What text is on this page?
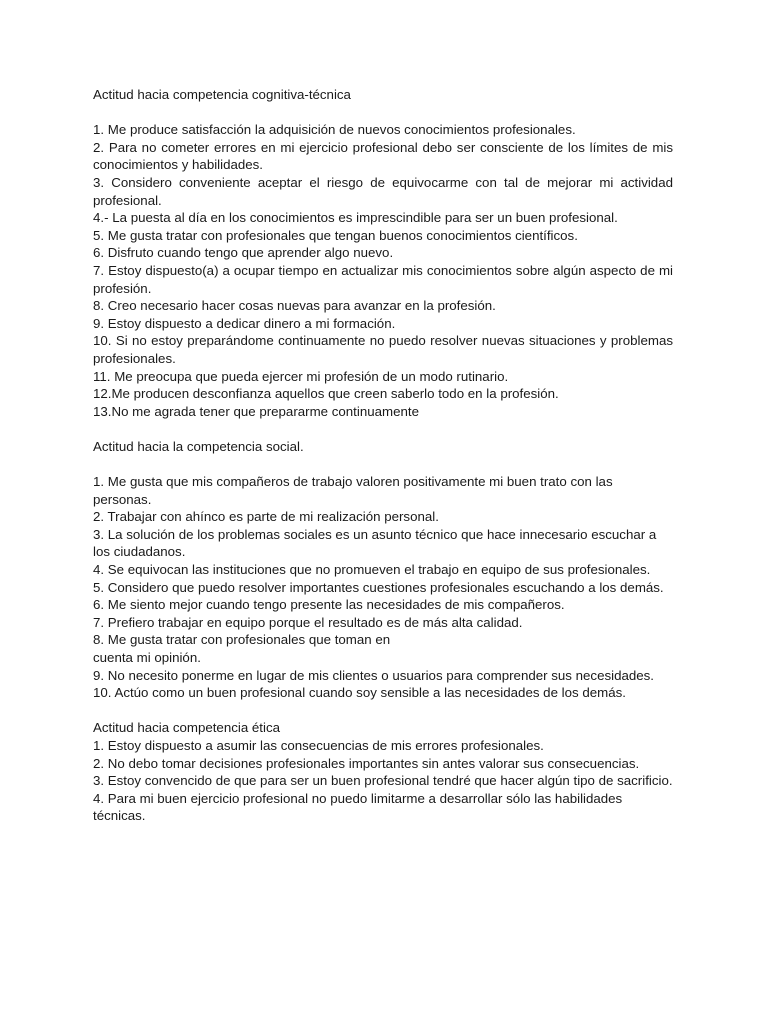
Actitud hacia competencia cognitiva-técnica

1. Me produce satisfacción la adquisición de nuevos conocimientos profesionales.

2. Para no cometer errores en mi ejercicio profesional debo ser consciente de los límites de mis conocimientos y habilidades.

3. Considero conveniente aceptar el riesgo de equivocarme con tal de mejorar mi actividad profesional.

4.- La puesta al día en los conocimientos es imprescindible para ser un buen profesional.

5. Me gusta tratar con profesionales que tengan buenos conocimientos científicos.

6. Disfruto cuando tengo que aprender algo nuevo.

7. Estoy dispuesto(a) a ocupar tiempo en actualizar mis conocimientos sobre algún aspecto de mi profesión.

8. Creo necesario hacer cosas nuevas para avanzar en la profesión.

9. Estoy dispuesto a dedicar dinero a mi formación.

10. Si no estoy preparándome continuamente no puedo resolver nuevas situaciones y problemas profesionales.

11. Me preocupa que pueda ejercer mi profesión de un modo rutinario.

12.Me producen desconfianza aquellos que creen saberlo todo en la profesión.

13.No me agrada tener que prepararme continuamente

Actitud hacia la competencia social.

1. Me gusta que mis compañeros de trabajo valoren positivamente mi buen trato con las personas.

2. Trabajar con ahínco es parte de mi realización personal.

3. La solución de los problemas sociales es un asunto técnico que hace innecesario escuchar a los ciudadanos.

4. Se equivocan las instituciones que no promueven el trabajo en equipo de sus profesionales.

5. Considero que puedo resolver importantes cuestiones profesionales escuchando a los demás.

6. Me siento mejor cuando tengo presente las necesidades de mis compañeros.

7. Prefiero trabajar en equipo porque el resultado es de más alta calidad.

8. Me gusta tratar con profesionales que toman en

cuenta mi opinión.

9. No necesito ponerme en lugar de mis clientes o usuarios para comprender sus necesidades.

10. Actúo como un buen profesional cuando soy sensible a las necesidades de los demás.

Actitud hacia competencia ética

1. Estoy dispuesto a asumir las consecuencias de mis errores profesionales.

2. No debo tomar decisiones profesionales importantes sin antes valorar sus consecuencias.

3. Estoy convencido de que para ser un buen profesional tendré que hacer algún tipo de sacrificio.

4. Para mi buen ejercicio profesional no puedo limitarme a desarrollar sólo las habilidades técnicas.
